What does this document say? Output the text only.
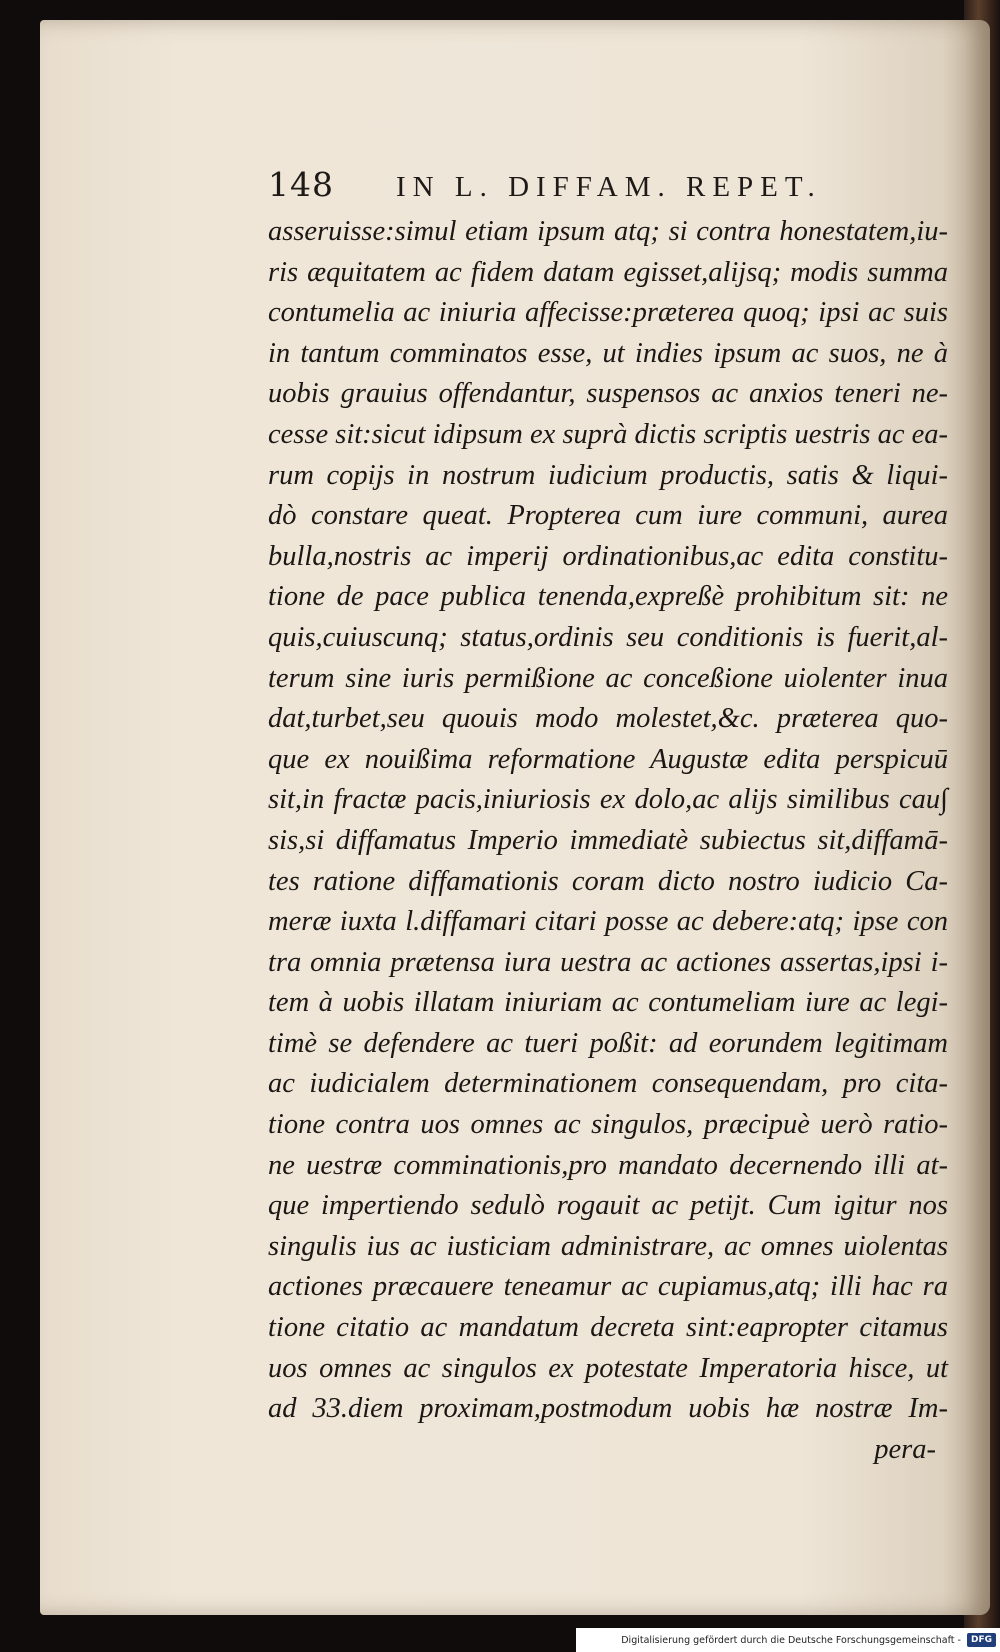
148 IN L. DIFFAM. REPET.
asseruisse:simul etiam ipsum atq; si contra honestatem,iu-
ris æquitatem ac fidem datam egisset,alijsq; modis summa
contumelia ac iniuria affecisse:præterea quoq; ipsi ac suis
in tantum comminatos esse, ut indies ipsum ac suos, ne à
uobis grauius offendantur, suspensos ac anxios teneri ne-
cesse sit:sicut idipsum ex suprà dictis scriptis uestris ac ea-
rum copijs in nostrum iudicium productis, satis & liqui-
dò constare queat. Propterea cum iure communi, aurea
bulla,nostris ac imperij ordinationibus,ac edita constitu-
tione de pace publica tenenda,expreßè prohibitum sit: ne
quis,cuiuscunq; status,ordinis seu conditionis is fuerit,al-
terum sine iuris permißione ac conceßione uiolenter inua
dat,turbet,seu quouis modo molestet,&c. præterea quo-
que ex nouißima reformatione Augustæ edita perspicuū
sit,in fractæ pacis,iniuriosis ex dolo,ac alijs similibus cau∫
sis,si diffamatus Imperio immediatè subiectus sit,diffamā-
tes ratione diffamationis coram dicto nostro iudicio Ca-
meræ iuxta l.diffamari citari posse ac debere:atq; ipse con
tra omnia prætensa iura uestra ac actiones assertas,ipsi i-
tem à uobis illatam iniuriam ac contumeliam iure ac legi-
timè se defendere ac tueri poßit: ad eorundem legitimam
ac iudicialem determinationem consequendam, pro cita-
tione contra uos omnes ac singulos, præcipuè uerò ratio-
ne uestræ comminationis,pro mandato decernendo illi at-
que impertiendo sedulò rogauit ac petijt. Cum igitur nos
singulis ius ac iusticiam administrare, ac omnes uiolentas
actiones præcauere teneamur ac cupiamus,atq; illi hac ra
tione citatio ac mandatum decreta sint:eapropter citamus
uos omnes ac singulos ex potestate Imperatoria hisce, ut
ad 33.diem proximam,postmodum uobis hæ nostræ Im-
pera-
Digitalisierung gefördert durch die Deutsche Forschungsgemeinschaft -	DFG
